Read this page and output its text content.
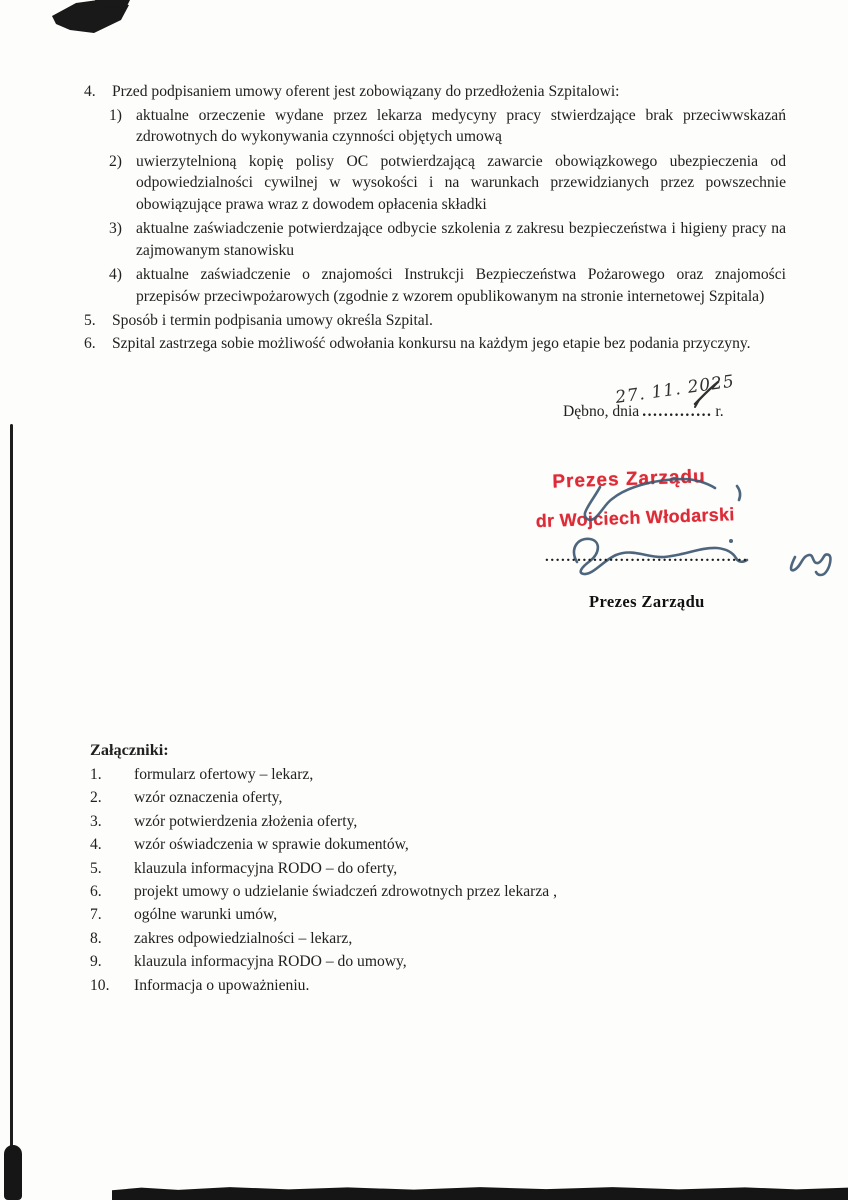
4.	Przed podpisaniem umowy oferent jest zobowiązany do przedłożenia Szpitalowi:
1) aktualne orzeczenie wydane przez lekarza medycyny pracy stwierdzające brak przeciwwskazań zdrowotnych do wykonywania czynności objętych umową
2) uwierzytelnioną kopię polisy OC potwierdzającą zawarcie obowiązkowego ubezpieczenia od odpowiedzialności cywilnej w wysokości i na warunkach przewidzianych przez powszechnie obowiązujące prawa wraz z dowodem opłacenia składki
3) aktualne zaświadczenie potwierdzające odbycie szkolenia z zakresu bezpieczeństwa i higieny pracy na zajmowanym stanowisku
4) aktualne zaświadczenie o znajomości Instrukcji Bezpieczeństwa Pożarowego oraz znajomości przepisów przeciwpożarowych (zgodnie z wzorem opublikowanym na stronie internetowej Szpitala)
5.	Sposób i termin podpisania umowy określa Szpital.
6.	Szpital zastrzega sobie możliwość odwołania konkursu na każdym jego etapie bez podania przyczyny.
Dębno, dnia ............. r.
27. 11. 2025
Prezes Zarządu
dr Wojciech Włodarski
......................................
Prezes Zarządu
Załączniki:
1.	formularz ofertowy – lekarz,
2.	wzór oznaczenia oferty,
3.	wzór potwierdzenia złożenia oferty,
4.	wzór oświadczenia w sprawie dokumentów,
5.	klauzula informacyjna RODO – do oferty,
6.	projekt umowy o udzielanie świadczeń zdrowotnych przez lekarza ,
7.	ogólne warunki umów,
8.	zakres odpowiedzialności – lekarz,
9.	klauzula informacyjna RODO – do umowy,
10.	Informacja o upoważnieniu.
